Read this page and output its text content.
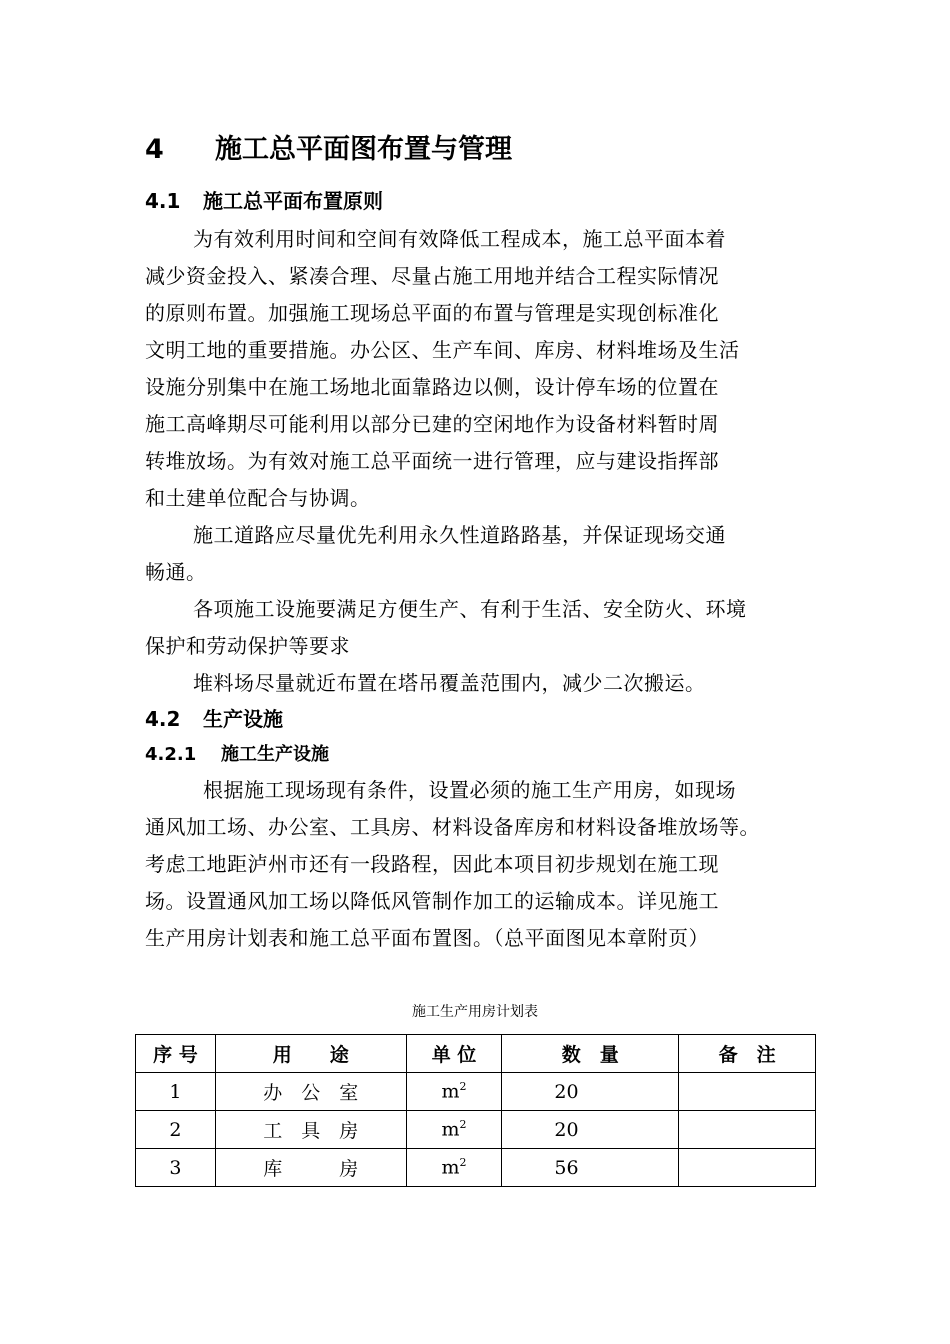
4 施工总平面图布置与管理
4.1 施工总平面布置原则
为有效利用时间和空间有效降低工程成本，施工总平面本着
减少资金投入、紧凑合理、尽量占施工用地并结合工程实际情况
的原则布置。加强施工现场总平面的布置与管理是实现创标准化
文明工地的重要措施。办公区、生产车间、库房、材料堆场及生活
设施分别集中在施工场地北面靠路边以侧，设计停车场的位置在
施工高峰期尽可能利用以部分已建的空闲地作为设备材料暂时周
转堆放场。为有效对施工总平面统一进行管理，应与建设指挥部
和土建单位配合与协调。
施工道路应尽量优先利用永久性道路路基，并保证现场交通
畅通。
各项施工设施要满足方便生产、有利于生活、安全防火、环境
保护和劳动保护等要求
堆料场尽量就近布置在塔吊覆盖范围内，减少二次搬运。
4.2 生产设施
4.2.1 施工生产设施
根据施工现场现有条件，设置必须的施工生产用房，如现场
通风加工场、办公室、工具房、材料设备库房和材料设备堆放场等。
考虑工地距泸州市还有一段路程，因此本项目初步规划在施工现
场。设置通风加工场以降低风管制作加工的运输成本。详见施工
生产用房计划表和施工总平面布置图。（总平面图见本章附页）
施工生产用房计划表
序 号	用　　途	单 位	数　量	备　注
1	办　公　室	$m^2$	20	
2	工　具　房	$m^2$	20	
3	库　　　房	$m^2$	56	
